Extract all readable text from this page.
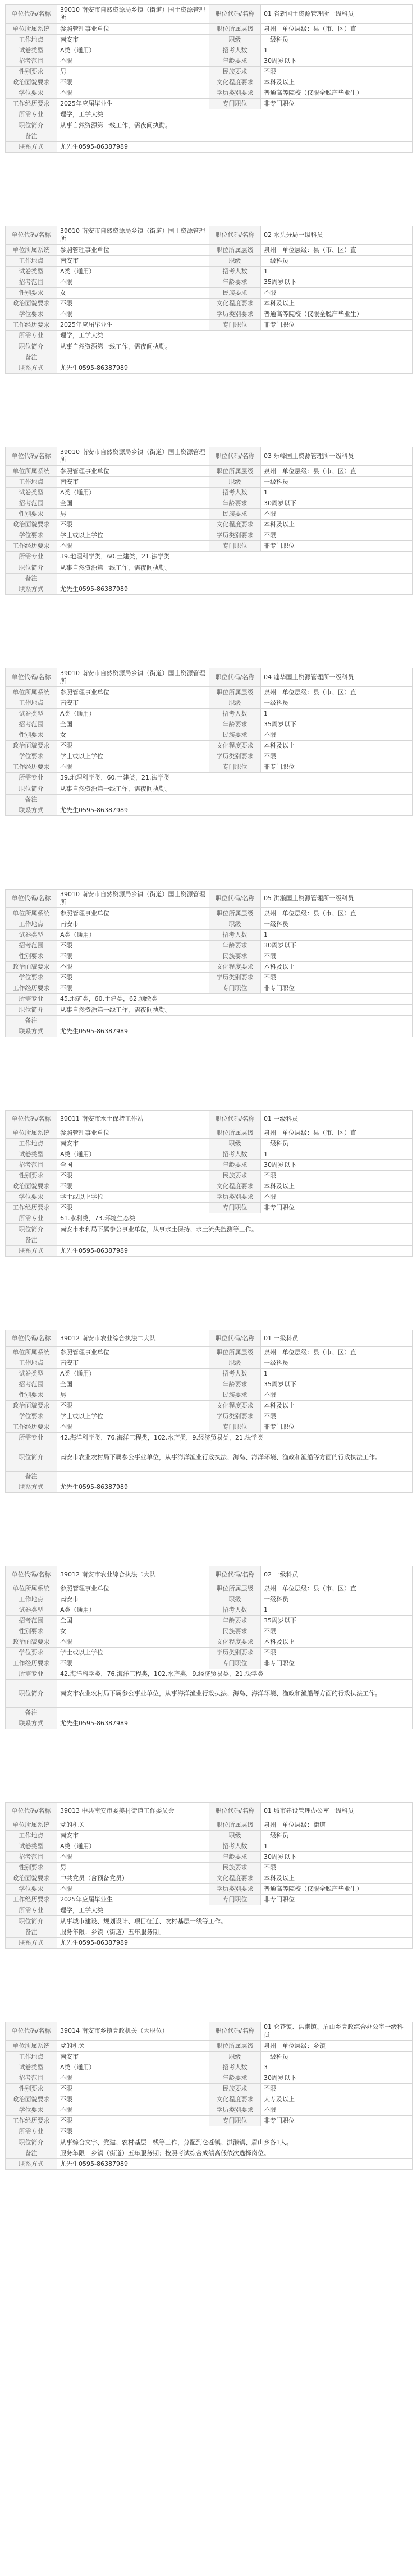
单位代码/名称	39010 南安市自然资源局乡镇（街道）国土资源管理所	职位代码/名称	01 省新国土资源管理所一级科员
单位所属系统	参照管理事业单位	职位所属层级	泉州　单位层级：县（市、区）直
工作地点	南安市	职级	一级科员
试卷类型	A类（通用）	招考人数	1
招考范围	不限	年龄要求	30周岁以下
性别要求	男	民族要求	不限
政治面貌要求	不限	文化程度要求	本科及以上
学位要求	不限	学历类别要求	普通高等院校（仅限全脱产毕业生）
工作经历要求	2025年应届毕业生	专门职位	非专门职位
所需专业	理学，工学大类		
职位简介	从事自然资源第一线工作，需夜间执勤。		
备注			
联系方式	尤先生0595-86387989		
单位代码/名称	39010 南安市自然资源局乡镇（街道）国土资源管理所	职位代码/名称	02 水头分局一级科员
单位所属系统	参照管理事业单位	职位所属层级	泉州　单位层级：县（市、区）直
工作地点	南安市	职级	一级科员
试卷类型	A类（通用）	招考人数	1
招考范围	不限	年龄要求	35周岁以下
性别要求	女	民族要求	不限
政治面貌要求	不限	文化程度要求	本科及以上
学位要求	不限	学历类别要求	普通高等院校（仅限全脱产毕业生）
工作经历要求	2025年应届毕业生	专门职位	非专门职位
所需专业	理学，工学大类		
职位简介	从事自然资源第一线工作，需夜间执勤。		
备注			
联系方式	尤先生0595-86387989		
单位代码/名称	39010 南安市自然资源局乡镇（街道）国土资源管理所	职位代码/名称	03 乐峰国土资源管理所一级科员
单位所属系统	参照管理事业单位	职位所属层级	泉州　单位层级：县（市、区）直
工作地点	南安市	职级	一级科员
试卷类型	A类（通用）	招考人数	1
招考范围	全国	年龄要求	30周岁以下
性别要求	男	民族要求	不限
政治面貌要求	不限	文化程度要求	本科及以上
学位要求	学士或以上学位	学历类别要求	不限
工作经历要求	不限	专门职位	非专门职位
所需专业	39.地理科学类，60.土建类，21.法学类		
职位简介	从事自然资源第一线工作，需夜间执勤。		
备注			
联系方式	尤先生0595-86387989		
单位代码/名称	39010 南安市自然资源局乡镇（街道）国土资源管理所	职位代码/名称	04 蓬华国土资源管理所一级科员
单位所属系统	参照管理事业单位	职位所属层级	泉州　单位层级：县（市、区）直
工作地点	南安市	职级	一级科员
试卷类型	A类（通用）	招考人数	1
招考范围	全国	年龄要求	35周岁以下
性别要求	女	民族要求	不限
政治面貌要求	不限	文化程度要求	本科及以上
学位要求	学士或以上学位	学历类别要求	不限
工作经历要求	不限	专门职位	非专门职位
所需专业	39.地理科学类，60.土建类，21.法学类		
职位简介	从事自然资源第一线工作，需夜间执勤。		
备注			
联系方式	尤先生0595-86387989		
单位代码/名称	39010 南安市自然资源局乡镇（街道）国土资源管理所	职位代码/名称	05 洪濑国土资源管理所一级科员
单位所属系统	参照管理事业单位	职位所属层级	泉州　单位层级：县（市、区）直
工作地点	南安市	职级	一级科员
试卷类型	A类（通用）	招考人数	1
招考范围	不限	年龄要求	30周岁以下
性别要求	不限	民族要求	不限
政治面貌要求	不限	文化程度要求	本科及以上
学位要求	不限	学历类别要求	不限
工作经历要求	不限	专门职位	非专门职位
所需专业	45.地矿类，60.土建类，62.测绘类		
职位简介	从事自然资源第一线工作，需夜间执勤。		
备注			
联系方式	尤先生0595-86387989		
单位代码/名称	39011 南安市水土保持工作站	职位代码/名称	01 一级科员
单位所属系统	参照管理事业单位	职位所属层级	泉州　单位层级：县（市、区）直
工作地点	南安市	职级	一级科员
试卷类型	A类（通用）	招考人数	1
招考范围	全国	年龄要求	30周岁以下
性别要求	不限	民族要求	不限
政治面貌要求	不限	文化程度要求	本科及以上
学位要求	学士或以上学位	学历类别要求	不限
工作经历要求	不限	专门职位	非专门职位
所需专业	61.水利类，73.环境生态类		
职位简介	南安市水利局下属参公事业单位，从事水土保持、水土流失监测等工作。		
备注			
联系方式	尤先生0595-86387989		
单位代码/名称	39012 南安市农业综合执法二大队	职位代码/名称	01 一级科员
单位所属系统	参照管理事业单位	职位所属层级	泉州　单位层级：县（市、区）直
工作地点	南安市	职级	一级科员
试卷类型	A类（通用）	招考人数	1
招考范围	全国	年龄要求	35周岁以下
性别要求	男	民族要求	不限
政治面貌要求	不限	文化程度要求	本科及以上
学位要求	学士或以上学位	学历类别要求	不限
工作经历要求	不限	专门职位	非专门职位
所需专业	42.海洋科学类，76.海洋工程类，102.水产类，9.经济贸易类，21.法学类		
职位简介	南安市农业农村局下属参公事业单位，从事海洋渔业行政执法、海岛、海洋环境、渔政和渔船等方面的行政执法工作。		
备注			
联系方式	尤先生0595-86387989		
单位代码/名称	39012 南安市农业综合执法二大队	职位代码/名称	02 一级科员
单位所属系统	参照管理事业单位	职位所属层级	泉州　单位层级：县（市、区）直
工作地点	南安市	职级	一级科员
试卷类型	A类（通用）	招考人数	1
招考范围	全国	年龄要求	35周岁以下
性别要求	女	民族要求	不限
政治面貌要求	不限	文化程度要求	本科及以上
学位要求	学士或以上学位	学历类别要求	不限
工作经历要求	不限	专门职位	非专门职位
所需专业	42.海洋科学类，76.海洋工程类，102.水产类，9.经济贸易类，21.法学类		
职位简介	南安市农业农村局下属参公事业单位，从事海洋渔业行政执法、海岛、海洋环境、渔政和渔船等方面的行政执法工作。		
备注			
联系方式	尤先生0595-86387989		
单位代码/名称	39013 中共南安市委美村街道工作委员会	职位代码/名称	01 城市建设管理办公室一级科员
单位所属系统	党的机关	职位所属层级	泉州　单位层级：街道
工作地点	南安市	职级	一级科员
试卷类型	A类（通用）	招考人数	1
招考范围	不限	年龄要求	30周岁以下
性别要求	男	民族要求	不限
政治面貌要求	中共党员（含预备党员）	文化程度要求	本科及以上
学位要求	不限	学历类别要求	普通高等院校（仅限全脱产毕业生）
工作经历要求	2025年应届毕业生	专门职位	非专门职位
所需专业	理学，工学大类		
职位简介	从事城市建设、规划设计、项目征迁、农村基层一线等工作。		
备注	服务年限：乡镇（街道）五年服务期。		
联系方式	尤先生0595-86387989		
单位代码/名称	39014 南安市乡镇党政机关（大职位）	职位代码/名称	01 仑苍镇、洪濑镇、眉山乡党政综合办公室一级科员
单位所属系统	党的机关	职位所属层级	泉州　单位层级：乡镇
工作地点	南安市	职级	一级科员
试卷类型	A类（通用）	招考人数	3
招考范围	不限	年龄要求	30周岁以下
性别要求	不限	民族要求	不限
政治面貌要求	不限	文化程度要求	大专及以上
学位要求	不限	学历类别要求	不限
工作经历要求	不限	专门职位	非专门职位
所需专业	不限		
职位简介	从事综合文字、党建、农村基层一线等工作，分配到仑苍镇、洪濑镇、眉山乡各1人。		
备注	服务年限：乡镇（街道）五年服务期；按照考试综合成绩高低依次选择岗位。		
联系方式	尤先生0595-86387989		
